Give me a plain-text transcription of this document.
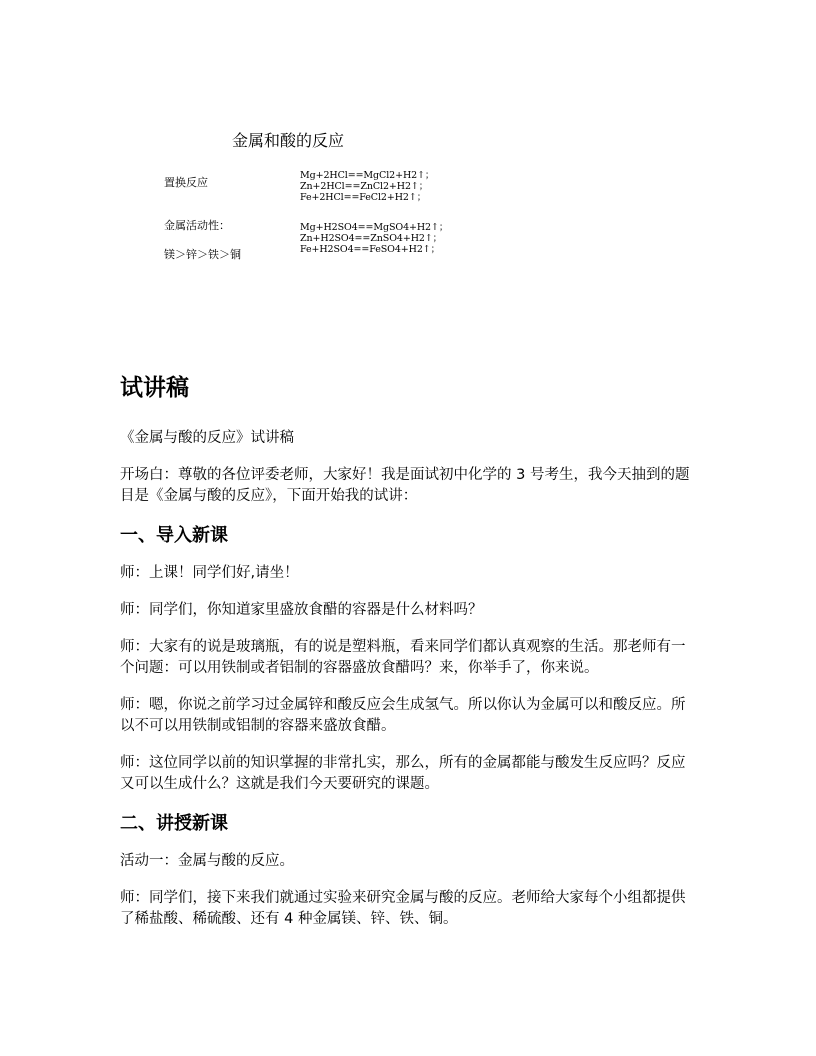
金属和酸的反应
置换反应
金属活动性：
镁＞锌＞铁＞铜
Mg+2HCl==MgCl2+H2↑；
Zn+2HCl==ZnCl2+H2↑；
Fe+2HCl==FeCl2+H2↑；
Mg+H2SO4==MgSO4+H2↑；
Zn+H2SO4==ZnSO4+H2↑；
Fe+H2SO4==FeSO4+H2↑；
试讲稿

《金属与酸的反应》试讲稿

开场白：尊敬的各位评委老师，大家好！我是面试初中化学的 3 号考生，我今天抽到的题目是《金属与酸的反应》，下面开始我的试讲：

一、导入新课

师：上课！同学们好,请坐！

师：同学们，你知道家里盛放食醋的容器是什么材料吗？

师：大家有的说是玻璃瓶，有的说是塑料瓶，看来同学们都认真观察的生活。那老师有一个问题：可以用铁制或者铝制的容器盛放食醋吗？来，你举手了，你来说。

师：嗯，你说之前学习过金属锌和酸反应会生成氢气。所以你认为金属可以和酸反应。所以不可以用铁制或铝制的容器来盛放食醋。

师：这位同学以前的知识掌握的非常扎实，那么，所有的金属都能与酸发生反应吗？反应又可以生成什么？这就是我们今天要研究的课题。

二、讲授新课

活动一：金属与酸的反应。

师：同学们，接下来我们就通过实验来研究金属与酸的反应。老师给大家每个小组都提供了稀盐酸、稀硫酸、还有 4 种金属镁、锌、铁、铜。
